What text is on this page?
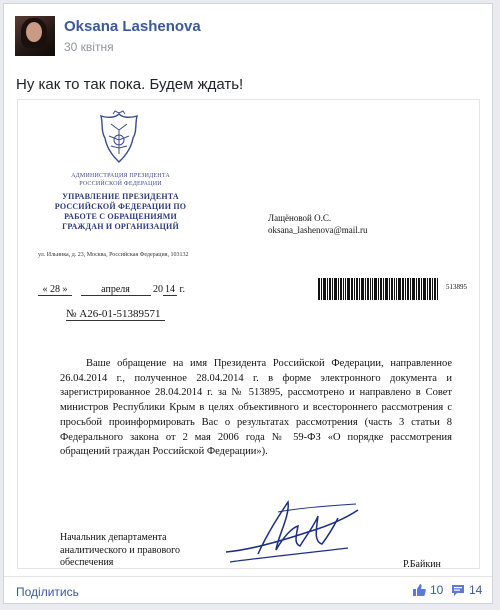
Oksana Lashenova
30 квітня
Ну как то так пока. Будем ждать!
АДМИНИСТРАЦИЯ ПРЕЗИДЕНТА РОССИЙСКОЙ ФЕДЕРАЦИИ
УПРАВЛЕНИЕ ПРЕЗИДЕНТА РОССИЙСКОЙ ФЕДЕРАЦИИ ПО РАБОТЕ С ОБРАЩЕНИЯМИ ГРАЖДАН И ОРГАНИЗАЦИЙ
ул. Ильинка, д. 23, Москва, Российская Федерация, 103132
Лащёновой О.С.
oksana_lashenova@mail.ru
« 28 »	апреля 20 14 г.
№ А26-01-51389571
513895
Ваше обращение на имя Президента Российской Федерации, направленное 26.04.2014 г., полученное 28.04.2014 г. в форме электронного документа и зарегистрированное 28.04.2014 г. за № 513895, рассмотрено и направлено в Совет министров Республики Крым в целях объективного и всестороннего рассмотрения с просьбой проинформировать Вас о результатах рассмотрения (часть 3 статьи 8 Федерального закона от 2 мая 2006 года № 59-ФЗ «О порядке рассмотрения обращений граждан Российской Федерации»).
Начальник департамента аналитического и правового обеспечения	Р.Байкин
Поділитись	10 14
